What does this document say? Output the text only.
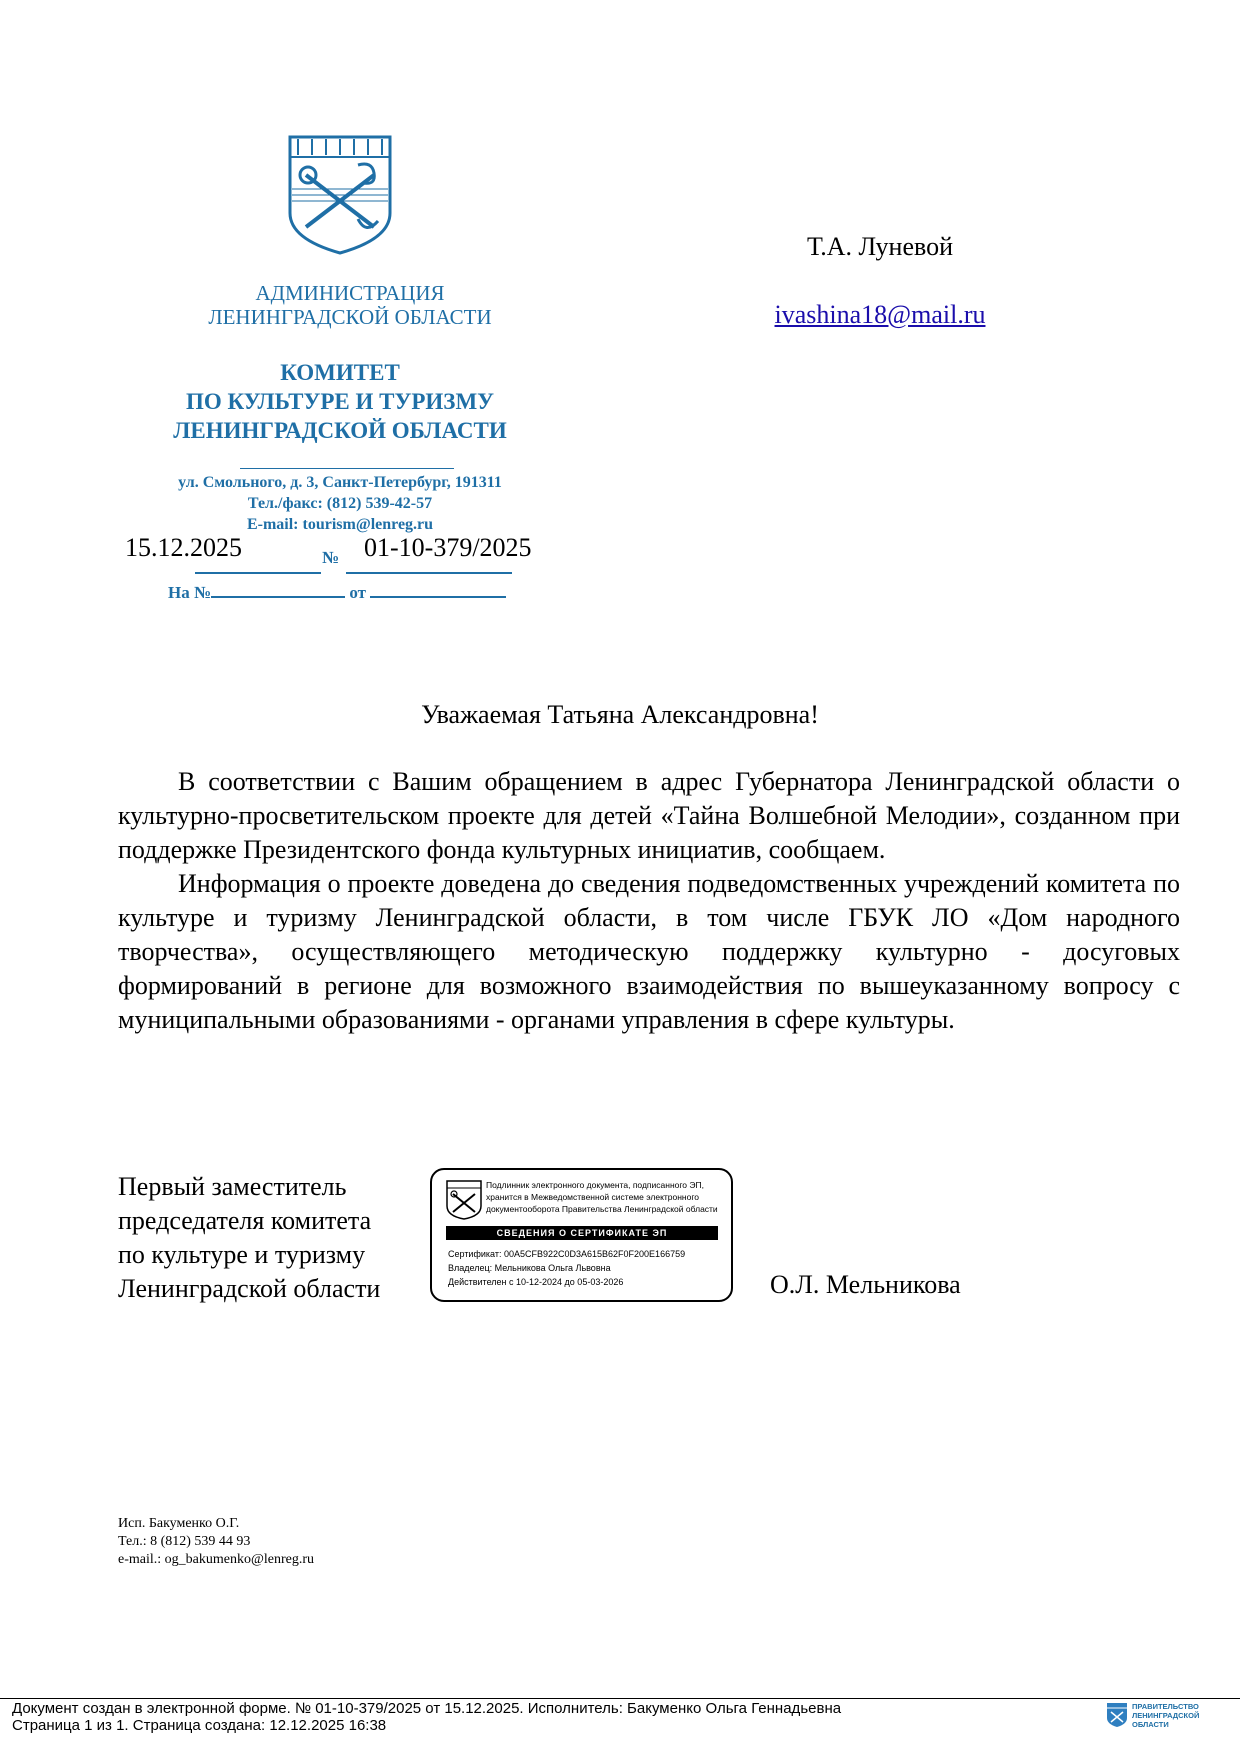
АДМИНИСТРАЦИЯ
ЛЕНИНГРАДСКОЙ ОБЛАСТИ
КОМИТЕТ
ПО КУЛЬТУРЕ И ТУРИЗМУ
ЛЕНИНГРАДСКОЙ ОБЛАСТИ
ул. Смольного, д. 3, Санкт-Петербург, 191311
Тел./факс: (812) 539-42-57
E-mail: tourism@lenreg.ru
15.12.2025	№ 01-10-379/2025
На №	от
Т.А. Луневой
ivashina18@mail.ru
Уважаемая Татьяна Александровна!

В соответствии с Вашим обращением в адрес Губернатора Ленинградской области о культурно-просветительском проекте для детей «Тайна Волшебной Мелодии», созданном при поддержке Президентского фонда культурных инициатив, сообщаем.

Информация о проекте доведена до сведения подведомственных учреждений комитета по культуре и туризму Ленинградской области, в том числе ГБУК ЛО «Дом народного творчества», осуществляющего методическую поддержку культурно - досуговых формирований в регионе для возможного взаимодействия по вышеуказанному вопросу с муниципальными образованиями - органами управления в сфере культуры.

Первый заместитель
председателя комитета
по культуре и туризму
Ленинградской области
Подлинник электронного документа, подписанного ЭП,
хранится в Межведомственной системе электронного
документооборота Правительства Ленинградской области
СВЕДЕНИЯ О СЕРТИФИКАТЕ ЭП
Сертификат: 00A5CFB922C0D3A615B62F0F200E166759
Владелец: Мельникова Ольга Львовна
Действителен с 10-12-2024 до 05-03-2026	О.Л. Мельникова
Исп. Бакуменко О.Г.
Тел.: 8 (812) 539 44 93
e-mail.: og_bakumenko@lenreg.ru
Документ создан в электронной форме. № 01-10-379/2025 от 15.12.2025. Исполнитель: Бакуменко Ольга Геннадьевна
Страница 1 из 1. Страница создана: 12.12.2025 16:38
ПРАВИТЕЛЬСТВО
ЛЕНИНГРАДСКОЙ
ОБЛАСТИ
